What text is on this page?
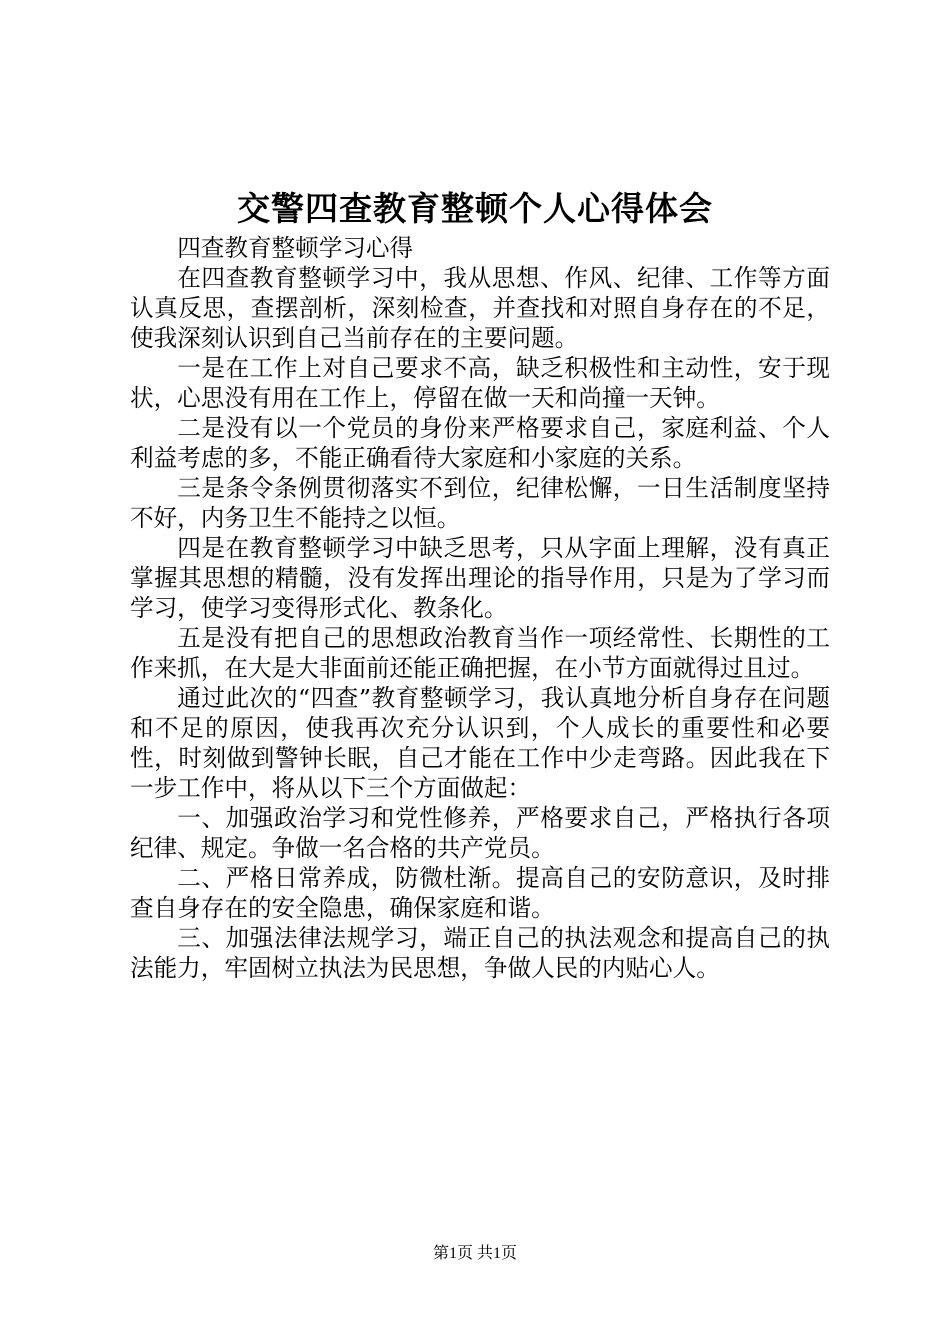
交警四查教育整顿个人心得体会

四查教育整顿学习心得

在四查教育整顿学习中，我从思想、作风、纪律、工作等方面认真反思，查摆剖析，深刻检查，并查找和对照自身存在的不足，使我深刻认识到自己当前存在的主要问题。

一是在工作上对自己要求不高，缺乏积极性和主动性，安于现状，心思没有用在工作上，停留在做一天和尚撞一天钟。

二是没有以一个党员的身份来严格要求自己，家庭利益、个人利益考虑的多，不能正确看待大家庭和小家庭的关系。

三是条令条例贯彻落实不到位，纪律松懈，一日生活制度坚持不好，内务卫生不能持之以恒。

四是在教育整顿学习中缺乏思考，只从字面上理解，没有真正掌握其思想的精髓，没有发挥出理论的指导作用，只是为了学习而学习，使学习变得形式化、教条化。

五是没有把自己的思想政治教育当作一项经常性、长期性的工作来抓，在大是大非面前还能正确把握，在小节方面就得过且过。

通过此次的“四查”教育整顿学习，我认真地分析自身存在问题和不足的原因，使我再次充分认识到，个人成长的重要性和必要性，时刻做到警钟长眠，自己才能在工作中少走弯路。因此我在下一步工作中，将从以下三个方面做起：

一、加强政治学习和党性修养，严格要求自己，严格执行各项纪律、规定。争做一名合格的共产党员。

二、严格日常养成，防微杜渐。提高自己的安防意识，及时排查自身存在的安全隐患，确保家庭和谐。

三、加强法律法规学习，端正自己的执法观念和提高自己的执法能力，牢固树立执法为民思想，争做人民的内贴心人。

第1页 共1页
